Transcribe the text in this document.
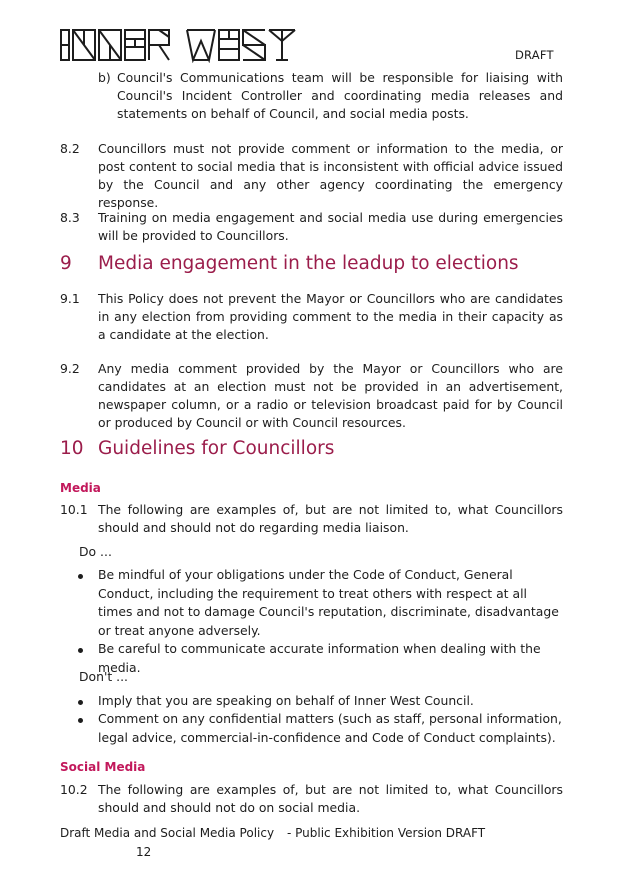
DRAFT
b) Council's Communications team will be responsible for liaising with Council's Incident Controller and coordinating media releases and statements on behalf of Council, and social media posts.
8.2 Councillors must not provide comment or information to the media, or post content to social media that is inconsistent with official advice issued by the Council and any other agency coordinating the emergency response.
8.3 Training on media engagement and social media use during emergencies will be provided to Councillors.
9 Media engagement in the leadup to elections
9.1 This Policy does not prevent the Mayor or Councillors who are candidates in any election from providing comment to the media in their capacity as a candidate at the election.
9.2 Any media comment provided by the Mayor or Councillors who are candidates at an election must not be provided in an advertisement, newspaper column, or a radio or television broadcast paid for by Council or produced by Council or with Council resources.
10 Guidelines for Councillors
Media
10.1 The following are examples of, but are not limited to, what Councillors should and should not do regarding media liaison.
Do ...
Be mindful of your obligations under the Code of Conduct, General Conduct, including the requirement to treat others with respect at all times and not to damage Council's reputation, discriminate, disadvantage or treat anyone adversely.
Be careful to communicate accurate information when dealing with the media.
Don't ...
Imply that you are speaking on behalf of Inner West Council.
Comment on any confidential matters (such as staff, personal information, legal advice, commercial-in-confidence and Code of Conduct complaints).
Social Media
10.2 The following are examples of, but are not limited to, what Councillors should and should not do on social media.
Draft Media and Social Media Policy - Public Exhibition Version DRAFT
12
